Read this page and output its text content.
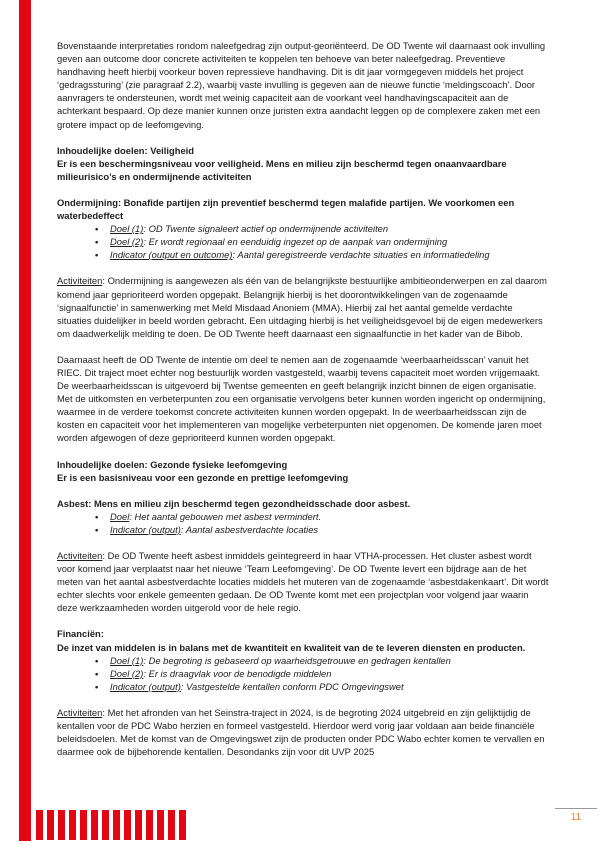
Bovenstaande interpretaties rondom naleefgedrag zijn output-georiënteerd. De OD Twente wil daarnaast ook invulling geven aan outcome door concrete activiteiten te koppelen ten behoeve van beter naleefgedrag. Preventieve handhaving heeft hierbij voorkeur boven repressieve handhaving. Dit is dit jaar vormgegeven middels het project ‘gedragssturing’ (zie paragraaf 2.2), waarbij vaste invulling is gegeven aan de nieuwe functie ‘meldingscoach’. Door aanvragers te ondersteunen, wordt met weinig capaciteit aan de voorkant veel handhavingscapaciteit aan de achterkant bespaard. Op deze manier kunnen onze juristen extra aandacht leggen op de complexere zaken met een grotere impact op de leefomgeving.
Inhoudelijke doelen: Veiligheid
Er is een beschermingsniveau voor veiligheid. Mens en milieu zijn beschermd tegen onaanvaardbare milieurisico’s en ondermijnende activiteiten
Ondermijning: Bonafide partijen zijn preventief beschermd tegen malafide partijen. We voorkomen een waterbedeffect
• Doel (1): OD Twente signaleert actief op ondermijnende activiteiten
• Doel (2): Er wordt regionaal en eenduidig ingezet op de aanpak van ondermijning
• Indicator (output en outcome): Aantal geregistreerde verdachte situaties en informatiedeling
Activiteiten: Ondermijning is aangewezen als één van de belangrijkste bestuurlijke ambitieonderwerpen en zal daarom komend jaar geprioriteerd worden opgepakt. Belangrijk hierbij is het doorontwikkelingen van de zogenaamde ‘signaalfunctie’ in samenwerking met Meld Misdaad Anoniem (MMA). Hierbij zal het aantal gemelde verdachte situaties duidelijker in beeld worden gebracht. Een uitdaging hierbij is het veiligheidsgevoel bij de eigen medewerkers om daadwerkelijk melding te doen. De OD Twente heeft daarnaast een signaalfunctie in het kader van de Bibob.
Daarnaast heeft de OD Twente de intentie om deel te nemen aan de zogenaamde ‘weerbaarheidsscan’ vanuit het RIEC. Dit traject moet echter nog bestuurlijk worden vastgesteld, waarbij tevens capaciteit moet worden vrijgemaakt. De weerbaarheidsscan is uitgevoerd bij Twentse gemeenten en geeft belangrijk inzicht binnen de eigen organisatie. Met de uitkomsten en verbeterpunten zou een organisatie vervolgens beter kunnen worden ingericht op ondermijning, waarmee in de verdere toekomst concrete activiteiten kunnen worden opgepakt. In de weerbaarheidsscan zijn de kosten en capaciteit voor het implementeren van mogelijke verbeterpunten niet opgenomen. De komende jaren moet worden afgewogen of deze geprioriteerd kunnen worden opgepakt.
Inhoudelijke doelen: Gezonde fysieke leefomgeving
Er is een basisniveau voor een gezonde en prettige leefomgeving
Asbest: Mens en milieu zijn beschermd tegen gezondheidsschade door asbest.
• Doel: Het aantal gebouwen met asbest vermindert.
• Indicator (output): Aantal asbestverdachte locaties
Activiteiten: De OD Twente heeft asbest inmiddels geïntegreerd in haar VTHA-processen. Het cluster asbest wordt voor komend jaar verplaatst naar het nieuwe ‘Team Leefomgeving’. De OD Twente levert een bijdrage aan de het meten van het aantal asbestverdachte locaties middels het muteren van de zogenaamde ‘asbestdakenkaart’. Dit wordt echter slechts voor enkele gemeenten gedaan. De OD Twente komt met een projectplan voor volgend jaar waarin deze werkzaamheden worden uitgerold voor de hele regio.
Financiën:
De inzet van middelen is in balans met de kwantiteit en kwaliteit van de te leveren diensten en producten.
• Doel (1): De begroting is gebaseerd op waarheidsgetrouwe en gedragen kentallen
• Doel (2): Er is draagvlak voor de benodigde middelen
• Indicator (output): Vastgestelde kentallen conform PDC Omgevingswet
Activiteiten: Met het afronden van het Seinstra-traject in 2024, is de begroting 2024 uitgebreid en zijn gelijktijdig de kentallen voor de PDC Wabo herzien en formeel vastgesteld. Hierdoor werd vorig jaar voldaan aan beide financiële beleidsdoelen. Met de komst van de Omgevingswet zijn de producten onder PDC Wabo echter komen te vervallen en daarmee ook de bijbehorende kentallen. Desondanks zijn voor dit UVP 2025
11
